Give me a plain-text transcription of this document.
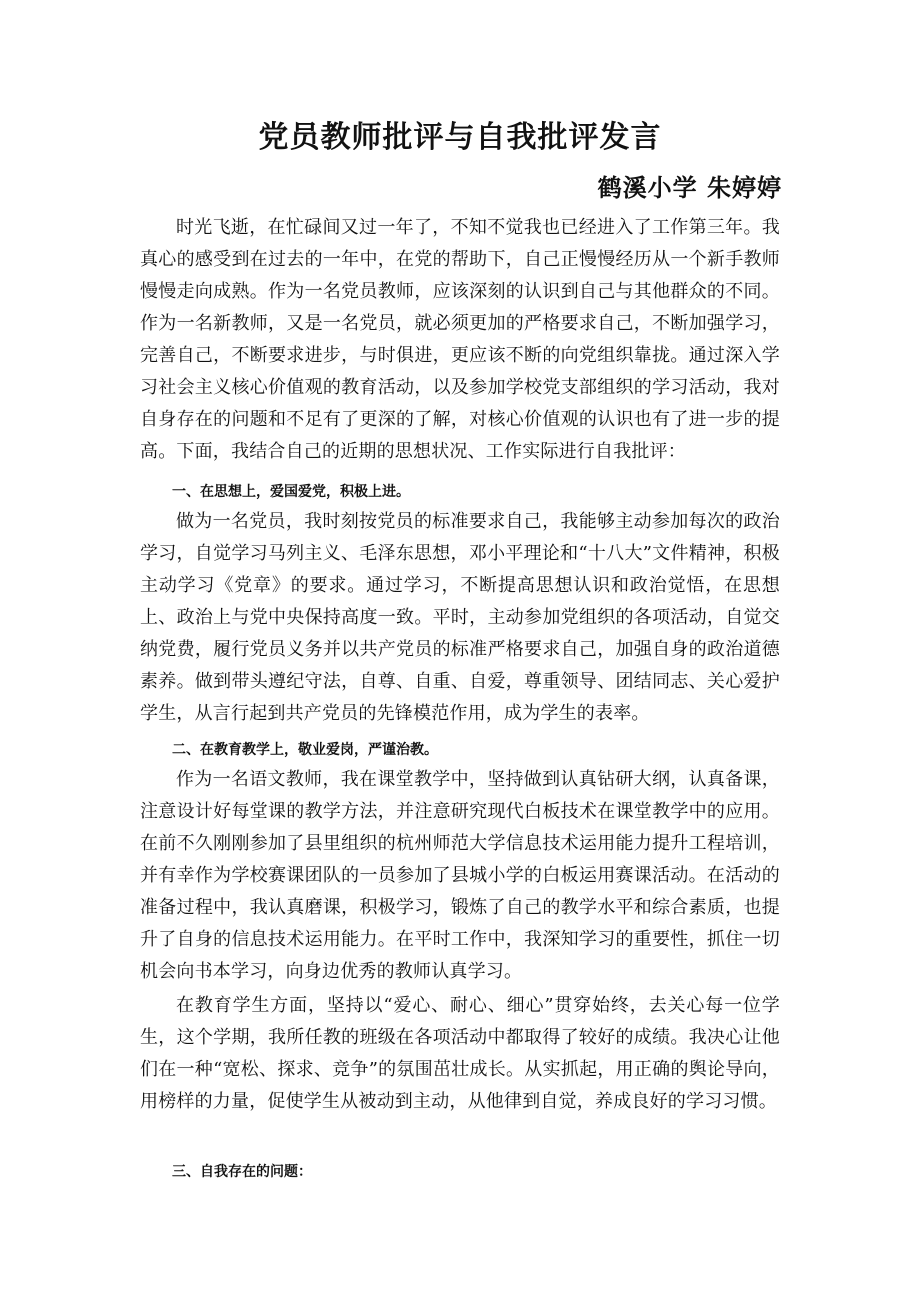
党员教师批评与自我批评发言
鹤溪小学 朱婷婷

时光飞逝，在忙碌间又过一年了，不知不觉我也已经进入了工作第三年。我真心的感受到在过去的一年中，在党的帮助下，自己正慢慢经历从一个新手教师慢慢走向成熟。作为一名党员教师，应该深刻的认识到自己与其他群众的不同。作为一名新教师，又是一名党员，就必须更加的严格要求自己，不断加强学习，完善自己，不断要求进步，与时俱进，更应该不断的向党组织靠拢。通过深入学习社会主义核心价值观的教育活动，以及参加学校党支部组织的学习活动，我对自身存在的问题和不足有了更深的了解，对核心价值观的认识也有了进一步的提高。下面，我结合自己的近期的思想状况、工作实际进行自我批评：

一、在思想上，爱国爱党，积极上进。

做为一名党员，我时刻按党员的标准要求自己，我能够主动参加每次的政治学习，自觉学习马列主义、毛泽东思想，邓小平理论和“十八大”文件精神，积极主动学习《党章》的要求。通过学习，不断提高思想认识和政治觉悟，在思想上、政治上与党中央保持高度一致。平时，主动参加党组织的各项活动，自觉交纳党费，履行党员义务并以共产党员的标准严格要求自己，加强自身的政治道德素养。做到带头遵纪守法，自尊、自重、自爱，尊重领导、团结同志、关心爱护学生，从言行起到共产党员的先锋模范作用，成为学生的表率。

二、在教育教学上，敬业爱岗，严谨治教。

作为一名语文教师，我在课堂教学中，坚持做到认真钻研大纲，认真备课，注意设计好每堂课的教学方法，并注意研究现代白板技术在课堂教学中的应用。在前不久刚刚参加了县里组织的杭州师范大学信息技术运用能力提升工程培训，并有幸作为学校赛课团队的一员参加了县城小学的白板运用赛课活动。在活动的准备过程中，我认真磨课，积极学习，锻炼了自己的教学水平和综合素质，也提升了自身的信息技术运用能力。在平时工作中，我深知学习的重要性，抓住一切机会向书本学习，向身边优秀的教师认真学习。

在教育学生方面，坚持以“爱心、耐心、细心”贯穿始终，去关心每一位学生，这个学期，我所任教的班级在各项活动中都取得了较好的成绩。我决心让他们在一种“宽松、探求、竞争”的氛围茁壮成长。从实抓起，用正确的舆论导向，用榜样的力量，促使学生从被动到主动，从他律到自觉，养成良好的学习习惯。

三、自我存在的问题：
